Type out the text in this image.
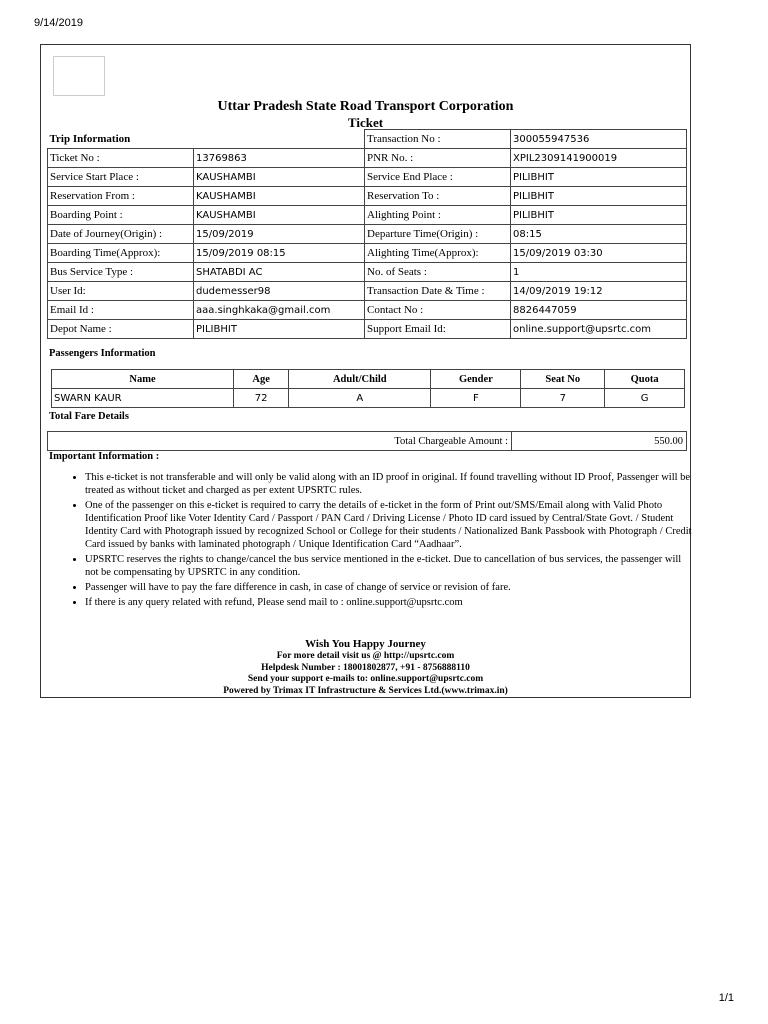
9/14/2019
Uttar Pradesh State Road Transport Corporation
Ticket
Trip Information		Transaction No :	300055947536
Ticket No :	13769863	PNR No. :	XPIL2309141900019
Service Start Place :	KAUSHAMBI	Service End Place :	PILIBHIT
Reservation From :	KAUSHAMBI	Reservation To :	PILIBHIT
Boarding Point :	KAUSHAMBI	Alighting Point :	PILIBHIT
Date of Journey(Origin) :	15/09/2019	Departure Time(Origin) :	08:15
Boarding Time(Approx):	15/09/2019 08:15	Alighting Time(Approx):	15/09/2019 03:30
Bus Service Type :	SHATABDI AC	No. of Seats :	1
User Id:	dudemesser98	Transaction Date & Time :	14/09/2019 19:12
Email Id :	aaa.singhkaka@gmail.com	Contact No :	8826447059
Depot Name :	PILIBHIT	Support Email Id:	online.support@upsrtc.com
Passengers Information
Name	Age	Adult/Child	Gender	Seat No	Quota
SWARN KAUR	72	A	F	7	G
Total Fare Details
Total Chargeable Amount :	550.00
Important Information :
• This e-ticket is not transferable and will only be valid along with an ID proof in original. If found travelling without ID Proof, Passenger will be treated as without ticket and charged as per extent UPSRTC rules.
• One of the passenger on this e-ticket is required to carry the details of e-ticket in the form of Print out/SMS/Email along with Valid Photo Identification Proof like Voter Identity Card / Passport / PAN Card / Driving License / Photo ID card issued by Central/State Govt. / Student Identity Card with Photograph issued by recognized School or College for their students / Nationalized Bank Passbook with Photograph / Credit Card issued by banks with laminated photograph / Unique Identification Card “Aadhaar”.
• UPSRTC reserves the rights to change/cancel the bus service mentioned in the e-ticket. Due to cancellation of bus services, the passenger will not be compensating by UPSRTC in any condition.
• Passenger will have to pay the fare difference in cash, in case of change of service or revision of fare.
• If there is any query related with refund, Please send mail to : online.support@upsrtc.com
Wish You Happy Journey
For more detail visit us @ http://upsrtc.com
Helpdesk Number : 18001802877, +91 - 8756888110
Send your support e-mails to: online.support@upsrtc.com
Powered by Trimax IT Infrastructure & Services Ltd.(www.trimax.in)
1/1
